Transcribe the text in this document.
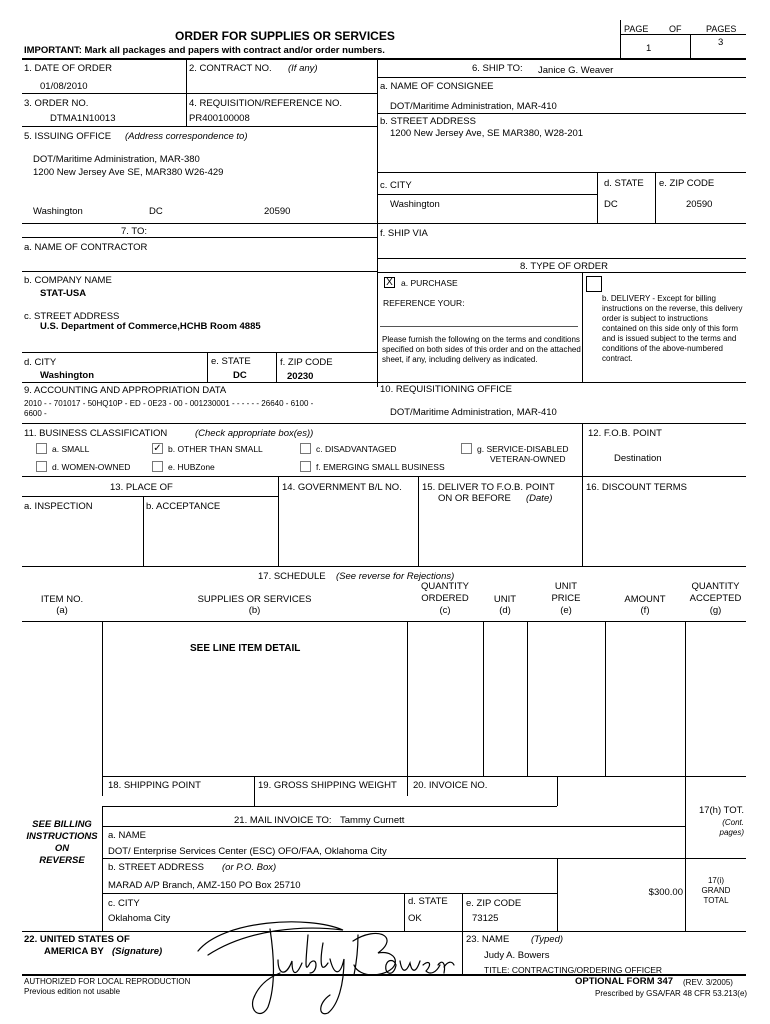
ORDER FOR SUPPLIES OR SERVICES
IMPORTANT: Mark all packages and papers with contract and/or order numbers.
PAGE OF	PAGES
1
3
1. DATE OF ORDER
01/08/2010
2. CONTRACT NO. (If any)
3. ORDER NO.
DTMA1N10013
4. REQUISITION/REFERENCE NO.
PR400100008
5. ISSUING OFFICE (Address correspondence to)
DOT/Maritime Administration, MAR-380
1200 New Jersey Ave SE, MAR380 W26-429
Washington	DC	20590
6. SHIP TO: Janice G. Weaver
a. NAME OF CONSIGNEE
DOT/Maritime Administration, MAR-410
b. STREET ADDRESS
1200 New Jersey Ave, SE MAR380, W28-201
c. CITY
Washington
d. STATE
DC
e. ZIP CODE
20590
f. SHIP VIA
7. TO:
a. NAME OF CONTRACTOR
b. COMPANY NAME
STAT-USA
c. STREET ADDRESS
U.S. Department of Commerce,HCHB Room 4885
d. CITY
Washington
e. STATE
DC
f. ZIP CODE
20230
8. TYPE OF ORDER
X a. PURCHASE
REFERENCE YOUR:
Please furnish the following on the terms and conditions specified on both sides of this order and on the attached sheet, if any, including delivery as indicated.
b. DELIVERY - Except for billing instructions on the reverse, this delivery order is subject to instructions contained on this side only of this form and is issued subject to the terms and conditions of the above-numbered contract.
9. ACCOUNTING AND APPROPRIATION DATA
2010 - - 701017 - 50HQ10P - ED - 0E23 - 00 - 001230001 - - - - - - 26640 - 6100 -
6600 -
10. REQUISITIONING OFFICE
DOT/Maritime Administration, MAR-410
11. BUSINESS CLASSIFICATION	(Check appropriate box(es))
a. SMALL	✓ b. OTHER THAN SMALL	c. DISADVANTAGED	g. SERVICE-DISABLED
VETERAN-OWNED
d. WOMEN-OWNED	e. HUBZone	f. EMERGING SMALL BUSINESS
12. F.O.B. POINT
Destination
13. PLACE OF
a. INSPECTION	b. ACCEPTANCE
14. GOVERNMENT B/L NO. 15. DELIVER TO F.O.B. POINT
ON OR BEFORE (Date)
16. DISCOUNT TERMS
17. SCHEDULE (See reverse for Rejections)
ITEM NO.
(a)
SUPPLIES OR SERVICES
(b)
QUANTITY
ORDERED
(c)
UNIT
(d)
UNIT
PRICE
(e)
AMOUNT
(f)
QUANTITY
ACCEPTED
(g)
SEE LINE ITEM DETAIL
18. SHIPPING POINT	19. GROSS SHIPPING WEIGHT 20. INVOICE NO.
21. MAIL INVOICE TO: Tammy Curnett
SEE BILLING
INSTRUCTIONS
ON
REVERSE
a. NAME
DOT/ Enterprise Services Center (ESC) OFO/FAA, Oklahoma City
b. STREET ADDRESS (or P.O. Box)
MARAD A/P Branch, AMZ-150 PO Box 25710
c. CITY
Oklahoma City
d. STATE
OK
e. ZIP CODE
73125
$300.00
17(h) TOT.
(Cont.
pages)
17(i)
GRAND
TOTAL
22. UNITED STATES OF
AMERICA BY (Signature)
23. NAME (Typed)
Judy A. Bowers
TITLE: CONTRACTING/ORDERING OFFICER
AUTHORIZED FOR LOCAL REPRODUCTION
Previous edition not usable
OPTIONAL FORM 347 (REV. 3/2005)
Prescribed by GSA/FAR 48 CFR 53.213(e)
